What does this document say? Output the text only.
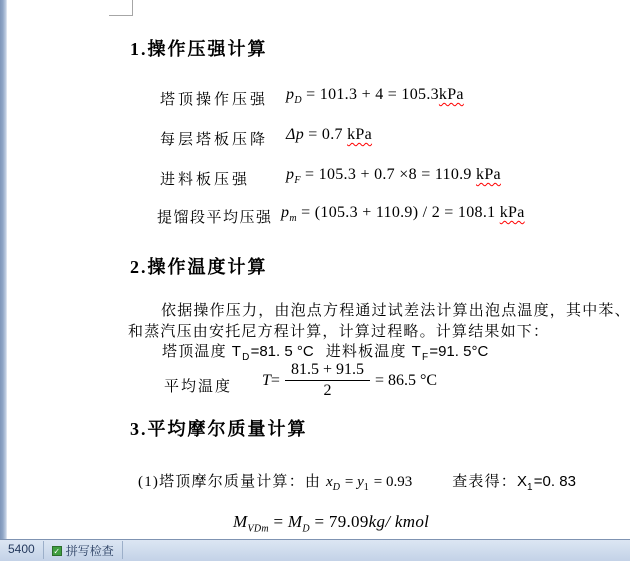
1.操作压强计算
塔顶操作压强 $p_D = 101.3 + 4 = 105.3kPa$
每层塔板压降 Δp = 0.7 kPa
进料板压强 $p_F = 105.3 + 0.7 \times 8 = 110.9$ kPa
提馏段平均压强 $p_m = (105.3 + 110.9) / 2 = 108.1$ kPa
2.操作温度计算
依据操作压力，由泡点方程通过试差法计算出泡点温度，其中苯、
和蒸汽压由安托尼方程计算，计算过程略。计算结果如下：
塔顶温度 $T_D=81$. 5 °C 进料板温度 $T_F=91$. 5°C
平均温度 $T = \frac{81.5 + 91.5}{2} = 86.5$ °C
3.平均摩尔质量计算
(1)塔顶摩尔质量计算：由 $x_D = y_1 = 0.93$	查表得：$X_1=0$. 83
$M_{VDm} = M_D = 79.09kg/$ kmol
5400 ✓ 拼写检查
